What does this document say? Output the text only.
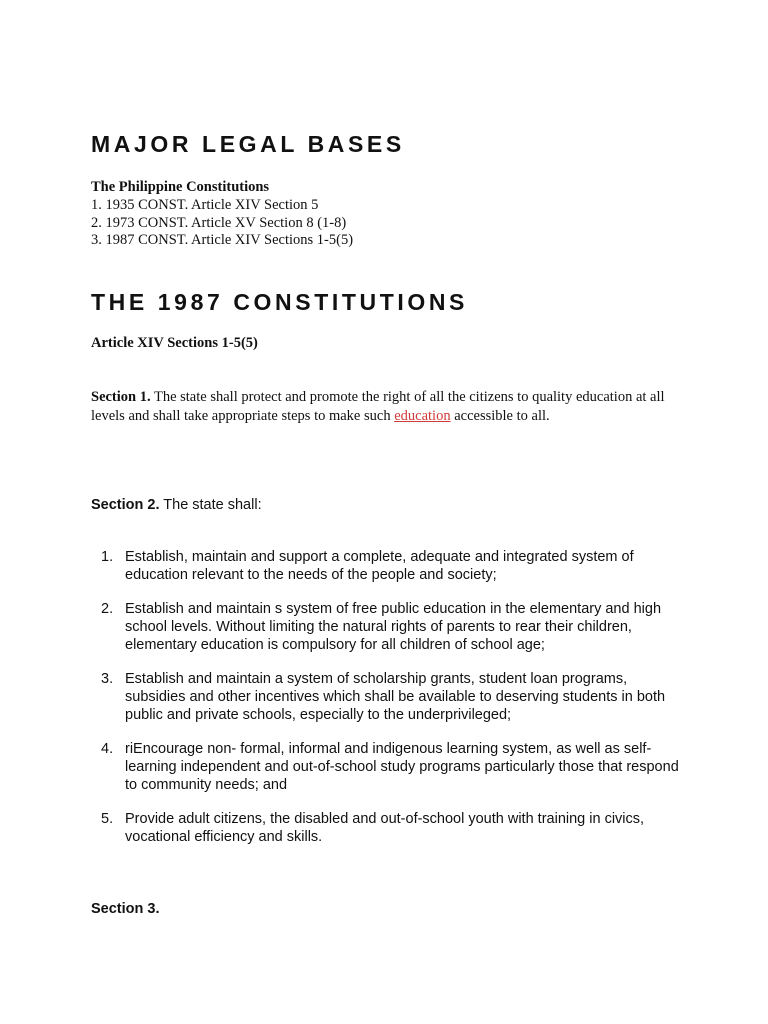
MAJOR LEGAL BASES
The Philippine Constitutions
1. 1935 CONST. Article XIV Section 5
2. 1973 CONST. Article XV Section 8 (1-8)
3. 1987 CONST. Article XIV Sections 1-5(5)
THE 1987 CONSTITUTIONS
Article XIV Sections 1-5(5)

Section 1. The state shall protect and promote the right of all the citizens to quality education at all levels and shall take appropriate steps to make such education accessible to all.

Section 2. The state shall:

1. Establish, maintain and support a complete, adequate and integrated system of education relevant to the needs of the people and society;
2. Establish and maintain s system of free public education in the elementary and high school levels. Without limiting the natural rights of parents to rear their children, elementary education is compulsory for all children of school age;
3. Establish and maintain a system of scholarship grants, student loan programs, subsidies and other incentives which shall be available to deserving students in both public and private schools, especially to the underprivileged;
4. riEncourage non- formal, informal and indigenous learning system, as well as self- learning independent and out-of-school study programs particularly those that respond to community needs; and
5. Provide adult citizens, the disabled and out-of-school youth with training in civics, vocational efficiency and skills.

Section 3.
